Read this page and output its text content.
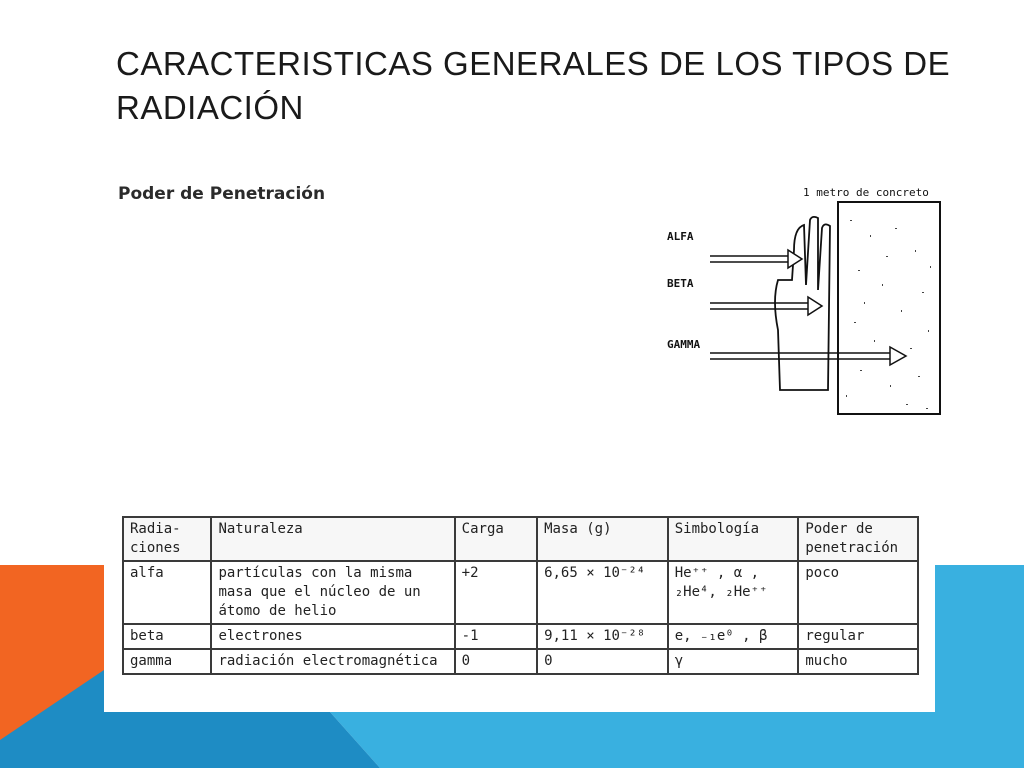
CARACTERISTICAS GENERALES DE LOS TIPOS DE RADIACIÓN

Poder de Penetración	1 metro de concreto
ALFA
BETA
GAMMA
Radia-ciones	Naturaleza	Carga	Masa (g)	Simbología	Poder de penetración
alfa	partículas con la misma masa que el núcleo de un átomo de helio	+2	6,65 × 10⁻²⁴	He⁺⁺ , α , ₂He⁴, ₂He⁺⁺	poco
beta	electrones	-1	9,11 × 10⁻²⁸	e, ₋₁e⁰ , β	regular
gamma	radiación electromagnética	0	0	γ	mucho
